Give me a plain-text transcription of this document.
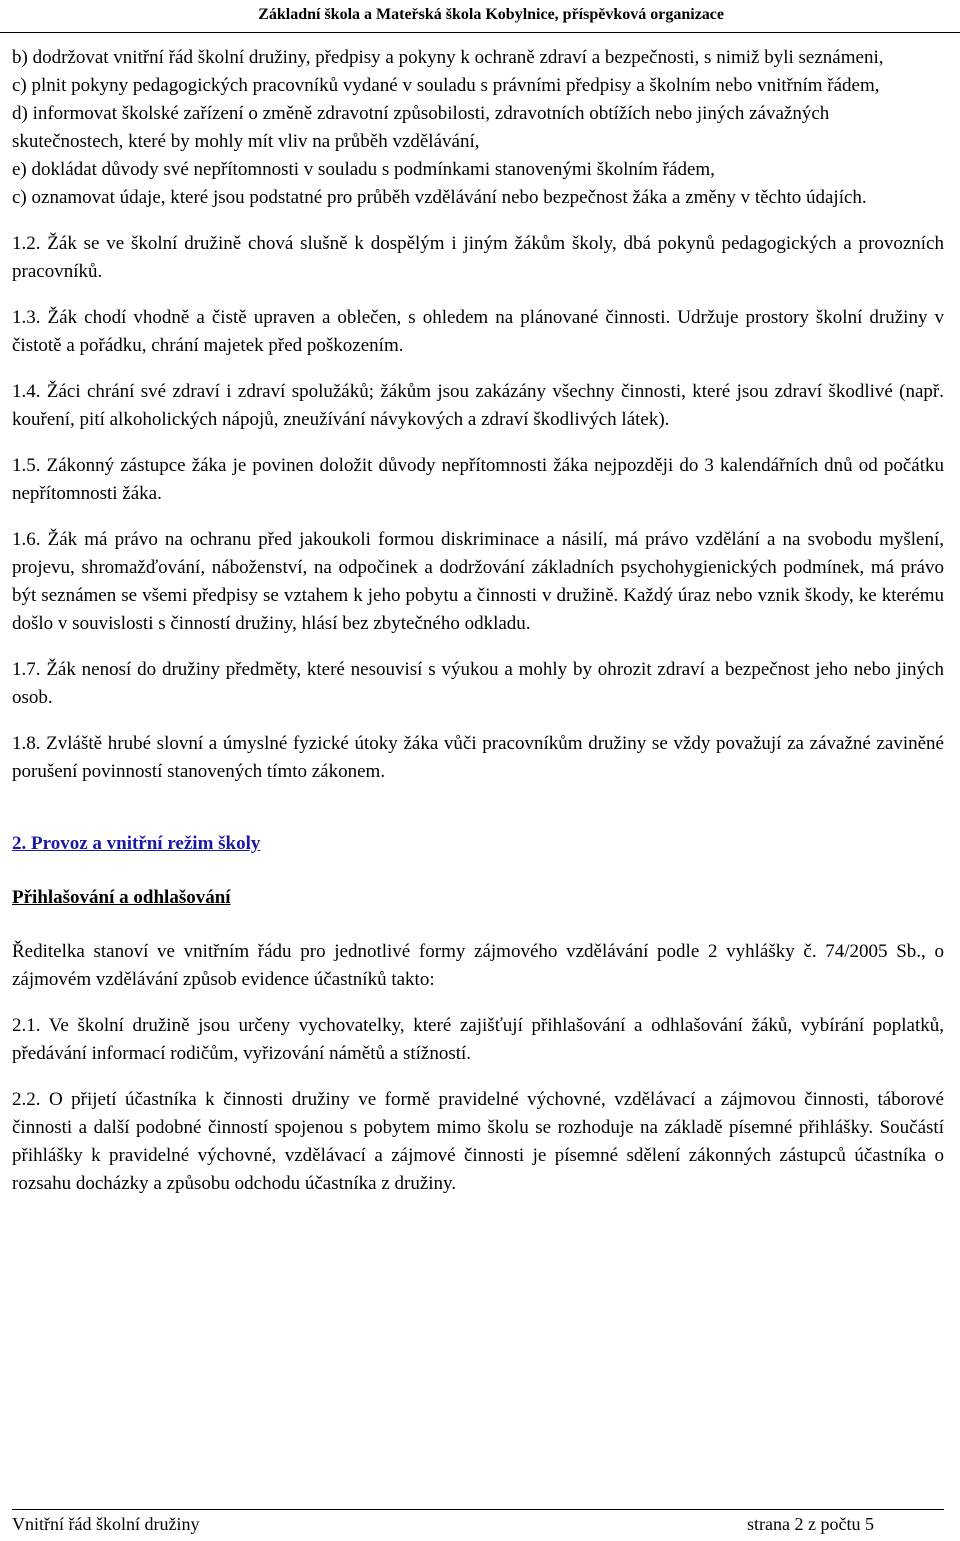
Základní škola a Mateřská škola Kobylnice, příspěvková organizace

b) dodržovat vnitřní řád školní družiny, předpisy a pokyny k ochraně zdraví a bezpečnosti, s nimiž byli seznámeni,

c) plnit pokyny pedagogických pracovníků vydané v souladu s právními předpisy a školním nebo vnitřním řádem,

d) informovat školské zařízení o změně zdravotní způsobilosti, zdravotních obtížích nebo jiných závažných skutečnostech, které by mohly mít vliv na průběh vzdělávání,

e) dokládat důvody své nepřítomnosti v souladu s podmínkami stanovenými školním řádem,

c) oznamovat údaje, které jsou podstatné pro průběh vzdělávání nebo bezpečnost žáka a změny v těchto údajích.

1.2. Žák se ve školní družině chová slušně k dospělým i jiným žákům školy, dbá pokynů pedagogických a provozních pracovníků.

1.3. Žák chodí vhodně a čistě upraven a oblečen, s ohledem na plánované činnosti. Udržuje prostory školní družiny v čistotě a pořádku, chrání majetek před poškozením.

1.4. Žáci chrání své zdraví i zdraví spolužáků; žákům jsou zakázány všechny činnosti, které jsou zdraví škodlivé (např. kouření, pití alkoholických nápojů, zneužívání návykových a zdraví škodlivých látek).

1.5. Zákonný zástupce žáka je povinen doložit důvody nepřítomnosti žáka nejpozději do 3 kalendářních dnů od počátku nepřítomnosti žáka.

1.6. Žák má právo na ochranu před jakoukoli formou diskriminace a násilí, má právo vzdělání a na svobodu myšlení, projevu, shromažďování, náboženství, na odpočinek a dodržování základních psychohygienických podmínek, má právo být seznámen se všemi předpisy se vztahem k jeho pobytu a činnosti v družině. Každý úraz nebo vznik škody, ke kterému došlo v souvislosti s činností družiny, hlásí bez zbytečného odkladu.

1.7. Žák nenosí do družiny předměty, které nesouvisí s výukou a mohly by ohrozit zdraví a bezpečnost jeho nebo jiných osob.

1.8. Zvláště hrubé slovní a úmyslné fyzické útoky žáka vůči pracovníkům družiny se vždy považují za závažné zaviněné porušení povinností stanovených tímto zákonem.

2. Provoz a vnitřní režim školy

Přihlašování a odhlašování

Ředitelka stanoví ve vnitřním řádu pro jednotlivé formy zájmového vzdělávání podle 2 vyhlášky č. 74/2005 Sb., o zájmovém vzdělávání způsob evidence účastníků takto:

2.1. Ve školní družině jsou určeny vychovatelky, které zajišťují přihlašování a odhlašování žáků, vybírání poplatků, předávání informací rodičům, vyřizování námětů a stížností.

2.2. O přijetí účastníka k činnosti družiny ve formě pravidelné výchovné, vzdělávací a zájmovou činnosti, táborové činnosti a další podobné činností spojenou s pobytem mimo školu se rozhoduje na základě písemné přihlášky. Součástí přihlášky k pravidelné výchovné, vzdělávací a zájmové činnosti je písemné sdělení zákonných zástupců účastníka o rozsahu docházky a způsobu odchodu účastníka z družiny.

Vnitřní řád školní družiny	strana 2 z počtu 5
